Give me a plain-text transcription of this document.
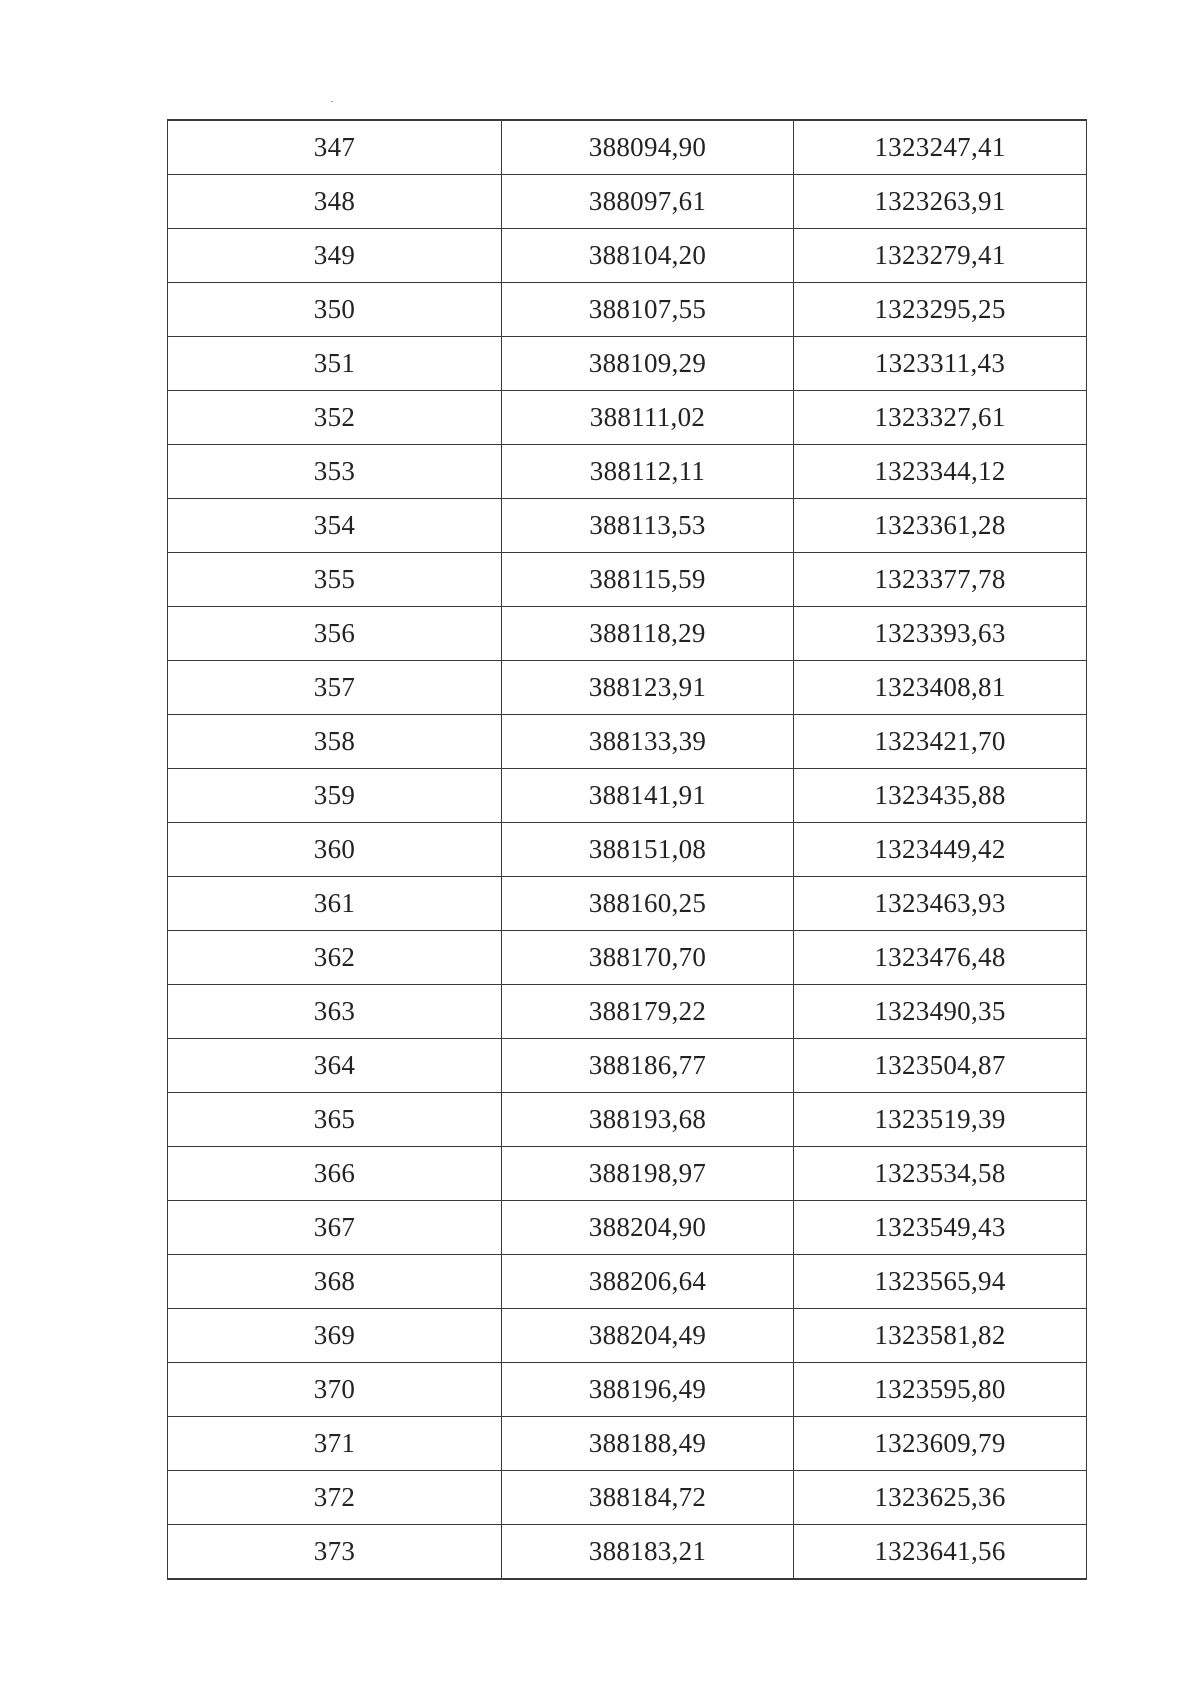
347	388094,90	1323247,41
348	388097,61	1323263,91
349	388104,20	1323279,41
350	388107,55	1323295,25
351	388109,29	1323311,43
352	388111,02	1323327,61
353	388112,11	1323344,12
354	388113,53	1323361,28
355	388115,59	1323377,78
356	388118,29	1323393,63
357	388123,91	1323408,81
358	388133,39	1323421,70
359	388141,91	1323435,88
360	388151,08	1323449,42
361	388160,25	1323463,93
362	388170,70	1323476,48
363	388179,22	1323490,35
364	388186,77	1323504,87
365	388193,68	1323519,39
366	388198,97	1323534,58
367	388204,90	1323549,43
368	388206,64	1323565,94
369	388204,49	1323581,82
370	388196,49	1323595,80
371	388188,49	1323609,79
372	388184,72	1323625,36
373	388183,21	1323641,56
